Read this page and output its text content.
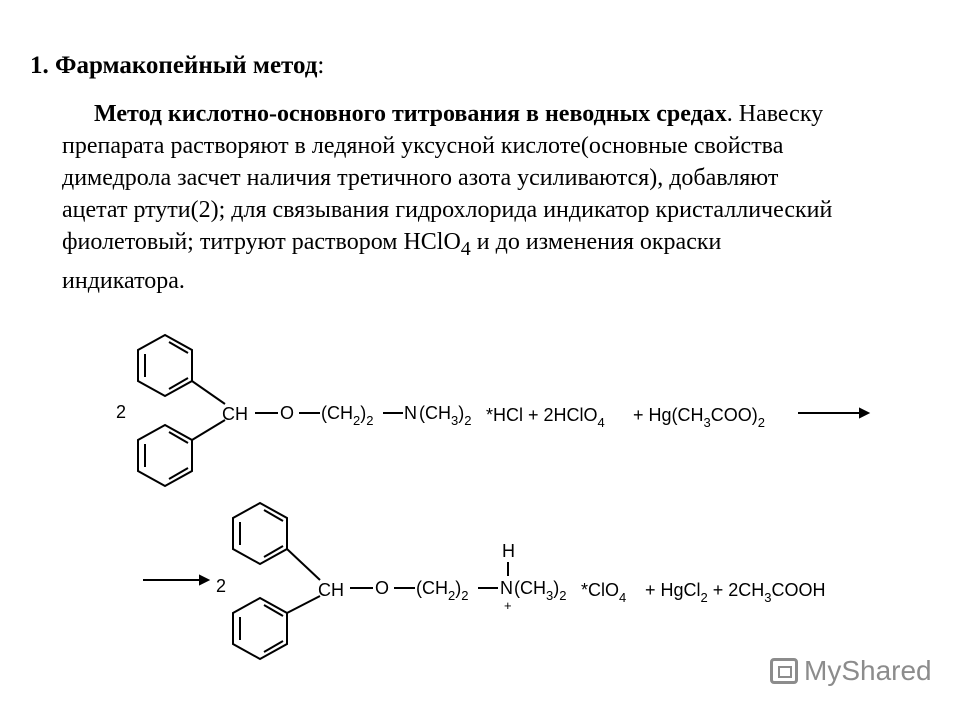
1. Фармакопейный метод:
Метод кислотно-основного титрования в неводных средах. Навеску препарата растворяют в ледяной уксусной кислоте(основные свойства димедрола засчет наличия третичного азота усиливаются), добавляют ацетат ртути(2); для связывания гидрохлорида индикатор кристаллический фиолетовый; титруют раствором HClO$_4$ и до изменения окраски индикатора.
2	CH O $(CH_2)_2$ N $(CH_3)_2$ *HCl + 2HClO$_4$ + $Hg(CH_3COO)_2$
2	CH O $(CH_2)_2$
H
N
+
$(CH_3)_2$ *ClO$_4$ + HgCl$_2$ + $2CH_3COOH$
MyShared
